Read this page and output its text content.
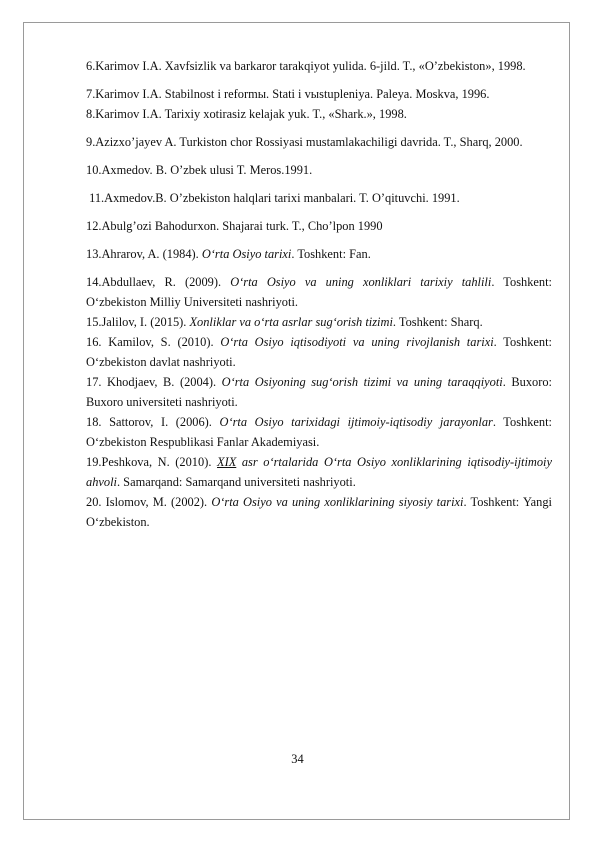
6.Karimov I.A. Xavfsizlik va barkaror tarakqiyot yulida. 6-jild. T., «O’zbekiston», 1998.

7.Karimov I.A. Stabilnost i reformы. Stati i vыstupleniya. Paleya. Moskva, 1996.

8.Karimov I.A. Tarixiy xotirasiz kelajak yuk. T., «Shark.», 1998.

9.Azizxo’jayev A. Turkiston chor Rossiyasi mustamlakachiligi davrida. T., Sharq, 2000.

10.Axmedov. B. O’zbek ulusi T. Meros.1991.

11.Axmedov.B. O’zbekiston halqlari tarixi manbalari. T. O’qituvchi. 1991.

12.Abulg’ozi Bahodurxon. Shajarai turk. T., Cho’lpon 1990

13.Ahrarov, A. (1984). O‘rta Osiyo tarixi. Toshkent: Fan.

14.Abdullaev, R. (2009). O‘rta Osiyo va uning xonliklari tarixiy tahlili. Toshkent: O‘zbekiston Milliy Universiteti nashriyoti.

15.Jalilov, I. (2015). Xonliklar va o‘rta asrlar sug‘orish tizimi. Toshkent: Sharq.

16. Kamilov, S. (2010). O‘rta Osiyo iqtisodiyoti va uning rivojlanish tarixi. Toshkent: O‘zbekiston davlat nashriyoti.

17. Khodjaev, B. (2004). O‘rta Osiyoning sug‘orish tizimi va uning taraqqiyoti. Buxoro: Buxoro universiteti nashriyoti.

18. Sattorov, I. (2006). O‘rta Osiyo tarixidagi ijtimoiy-iqtisodiy jarayonlar. Toshkent: O‘zbekiston Respublikasi Fanlar Akademiyasi.

19.Peshkova, N. (2010). XIX asr o‘rtalarida O‘rta Osiyo xonliklarining iqtisodiy-ijtimoiy ahvoli. Samarqand: Samarqand universiteti nashriyoti.

20. Islomov, M. (2002). O‘rta Osiyo va uning xonliklarining siyosiy tarixi. Toshkent: Yangi O‘zbekiston.

34
